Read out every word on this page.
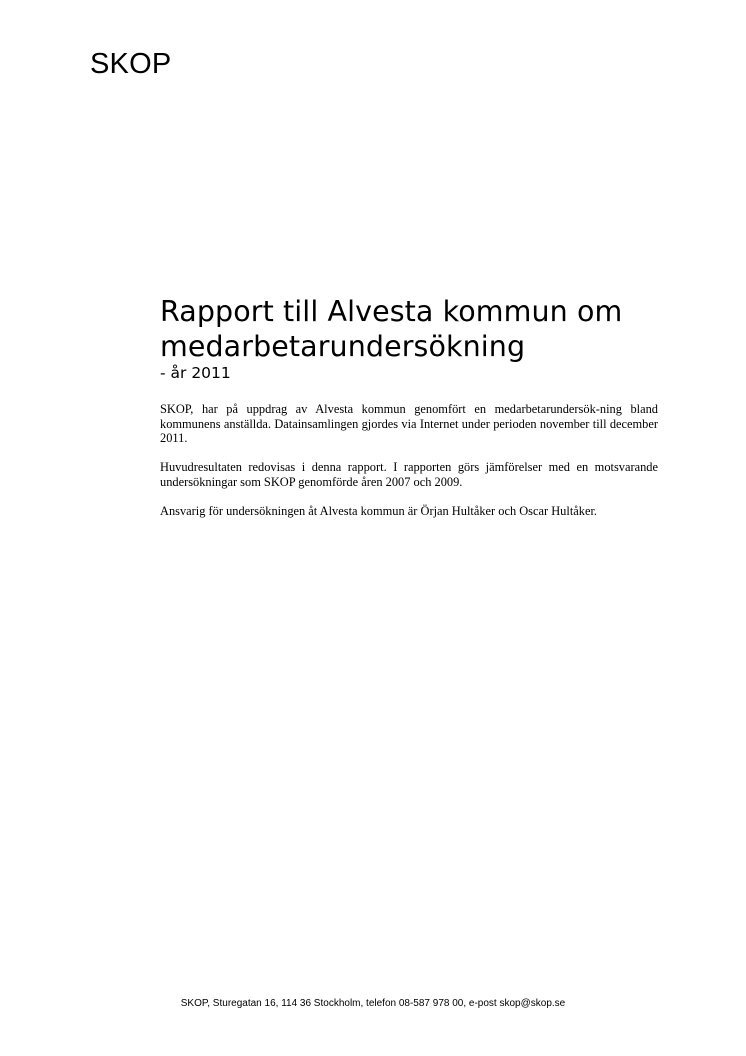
SKOP
Rapport till Alvesta kommun om
medarbetarundersökning
- år 2011

SKOP, har på uppdrag av Alvesta kommun genomfört en medarbetarundersök-ning bland kommunens anställda. Datainsamlingen gjordes via Internet under perioden november till december 2011.

Huvudresultaten redovisas i denna rapport. I rapporten görs jämförelser med en motsvarande undersökningar som SKOP genomförde åren 2007 och 2009.

Ansvarig för undersökningen åt Alvesta kommun är Örjan Hultåker och Oscar Hultåker.

SKOP, Sturegatan 16, 114 36 Stockholm, telefon 08-587 978 00, e-post skop@skop.se
